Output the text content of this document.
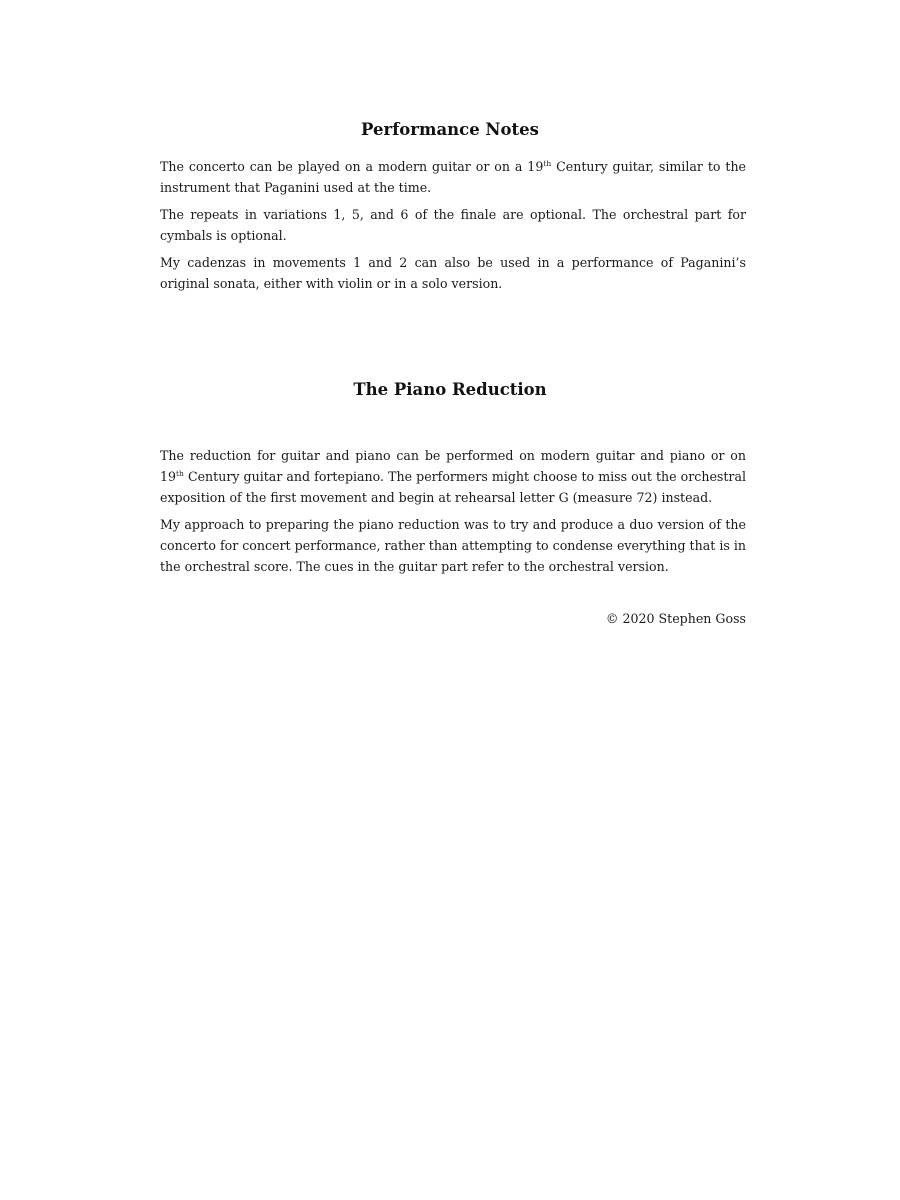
Performance Notes

The concerto can be played on a modern guitar or on a 19th Century guitar, similar to the instrument that Paganini used at the time.

The repeats in variations 1, 5, and 6 of the finale are optional. The orchestral part for cymbals is optional.

My cadenzas in movements 1 and 2 can also be used in a performance of Paganini’s original sonata, either with violin or in a solo version.

The Piano Reduction

The reduction for guitar and piano can be performed on modern guitar and piano or on 19th Century guitar and fortepiano. The performers might choose to miss out the orchestral exposition of the first movement and begin at rehearsal letter G (measure 72) instead.

My approach to preparing the piano reduction was to try and produce a duo version of the concerto for concert performance, rather than attempting to condense everything that is in the orchestral score. The cues in the guitar part refer to the orchestral version.

© 2020 Stephen Goss
